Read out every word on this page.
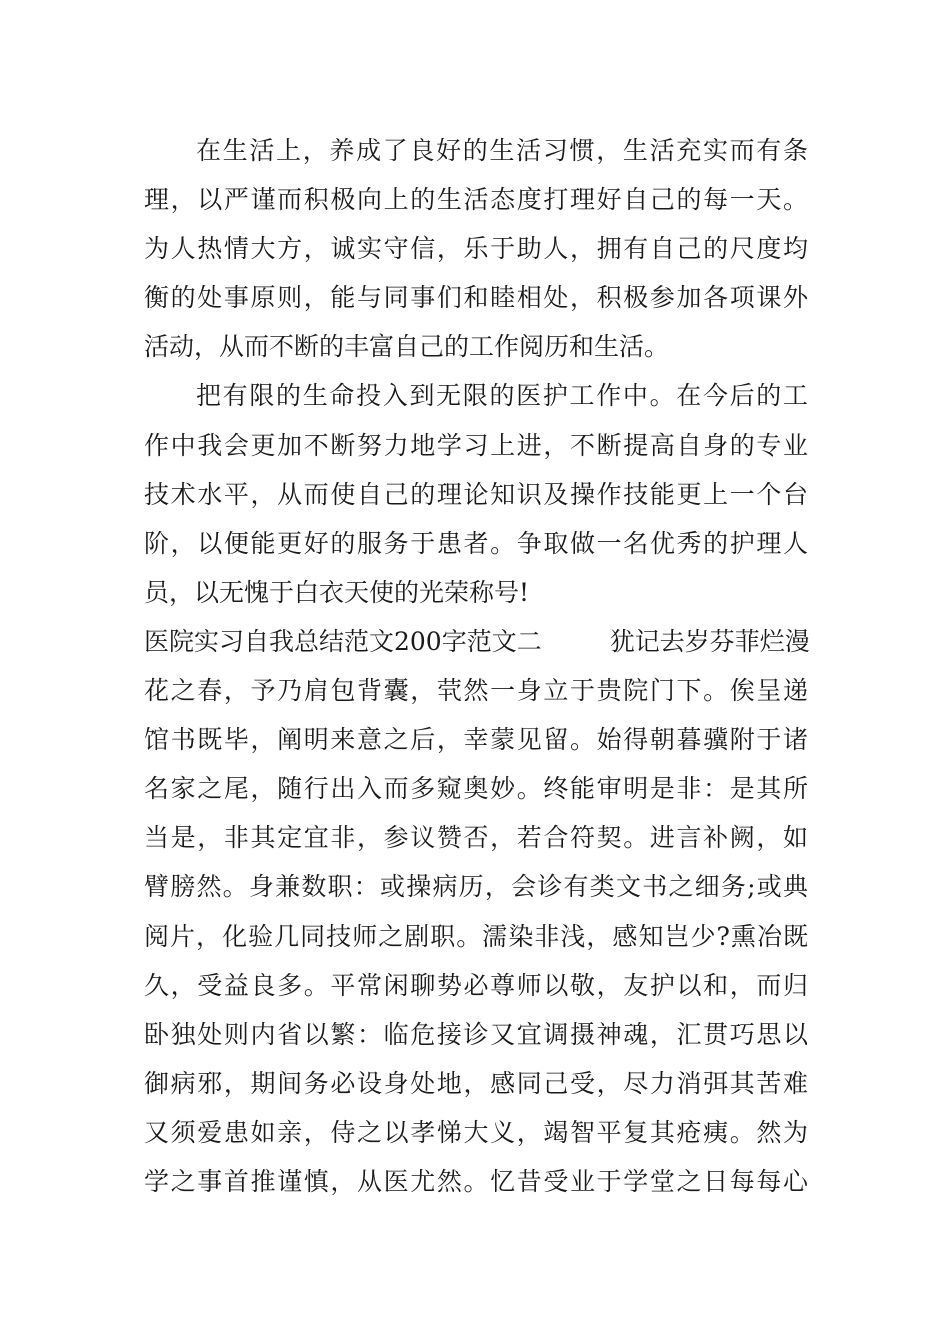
在生活上，养成了良好的生活习惯，生活充实而有条
理，以严谨而积极向上的生活态度打理好自己的每一天。
为人热情大方，诚实守信，乐于助人，拥有自己的尺度均
衡的处事原则，能与同事们和睦相处，积极参加各项课外
活动，从而不断的丰富自己的工作阅历和生活。
把有限的生命投入到无限的医护工作中。在今后的工
作中我会更加不断努力地学习上进，不断提高自身的专业
技术水平，从而使自己的理论知识及操作技能更上一个台
阶，以便能更好的服务于患者。争取做一名优秀的护理人
员，以无愧于白衣天使的光荣称号!
医院实习自我总结范文200字范文二	犹记去岁芬菲烂漫
花之春，予乃肩包背囊，茕然一身立于贵院门下。俟呈递
馆书既毕，阐明来意之后，幸蒙见留。始得朝暮骥附于诸
名家之尾，随行出入而多窥奥妙。终能审明是非：是其所
当是，非其定宜非，参议赞否，若合符契。进言补阙，如
臂膀然。身兼数职：或操病历，会诊有类文书之细务;或典
阅片，化验几同技师之剧职。濡染非浅，感知岂少?熏冶既
久，受益良多。平常闲聊势必尊师以敬，友护以和，而归
卧独处则内省以繁：临危接诊又宜调摄神魂，汇贯巧思以
御病邪，期间务必设身处地，感同己受，尽力消弭其苦难
又须爱患如亲，侍之以孝悌大义，竭智平复其疮痍。然为
学之事首推谨慎，从医尤然。忆昔受业于学堂之日每每心
